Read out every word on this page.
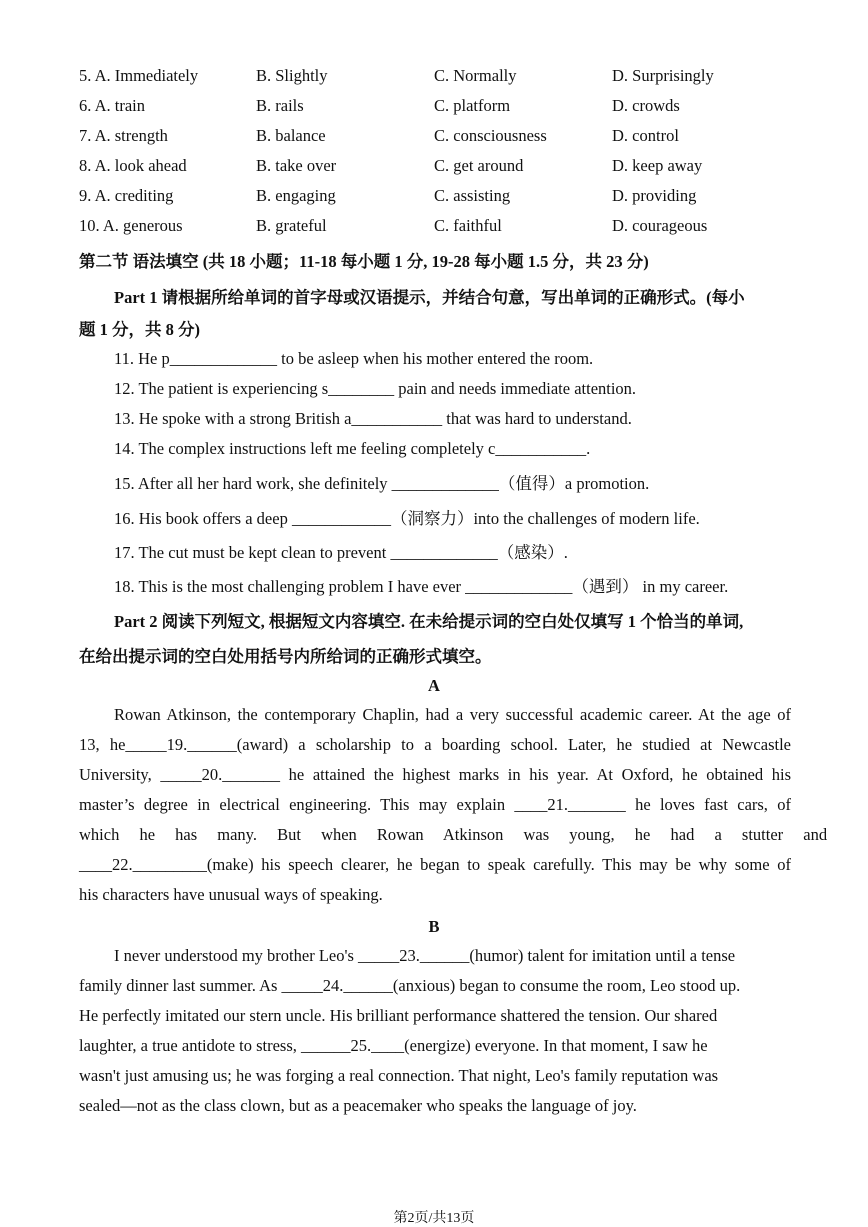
5. A. Immediately	B. Slightly	C. Normally	D. Surprisingly
6. A. train	B. rails	C. platform	D. crowds
7. A. strength	B. balance	C. consciousness	D. control
8. A. look ahead	B. take over	C. get around	D. keep away
9. A. crediting	B. engaging	C. assisting	D. providing
10. A. generous	B. grateful	C. faithful	D. courageous
第二节 语法填空 (共 18 小题；11-18 每小题 1 分, 19-28 每小题 1.5 分，共 23 分)
Part 1 请根据所给单词的首字母或汉语提示，并结合句意，写出单词的正确形式。(每小
题 1 分，共 8 分)
11. He p_____________ to be asleep when his mother entered the room.
12. The patient is experiencing s________ pain and needs immediate attention.
13. He spoke with a strong British a___________ that was hard to understand.
14. The complex instructions left me feeling completely c___________.
15. After all her hard work, she definitely _____________（值得）a promotion.
16. His book offers a deep ____________（洞察力）into the challenges of modern life.
17. The cut must be kept clean to prevent _____________（感染）.
18. This is the most challenging problem I have ever _____________（遇到） in my career.
Part 2 阅读下列短文, 根据短文内容填空. 在未给提示词的空白处仅填写 1 个恰当的单词,
在给出提示词的空白处用括号内所给词的正确形式填空。
A
Rowan Atkinson, the contemporary Chaplin, had a very successful academic career. At the age of
13, he_____19.______(award) a scholarship to a boarding school. Later, he studied at Newcastle
University, _____20._______ he attained the highest marks in his year. At Oxford, he obtained his
master’s degree in electrical engineering. This may explain ____21._______ he loves fast cars, of
which he has many. But when Rowan Atkinson was young, he had a stutter and
____22._________(make) his speech clearer, he began to speak carefully. This may be why some of
his characters have unusual ways of speaking.
B
I never understood my brother Leo's _____23.______(humor) talent for imitation until a tense
family dinner last summer. As _____24.______(anxious) began to consume the room, Leo stood up.
He perfectly imitated our stern uncle. His brilliant performance shattered the tension. Our shared
laughter, a true antidote to stress, ______25.____(energize) everyone. In that moment, I saw he
wasn't just amusing us; he was forging a real connection. That night, Leo's family reputation was
sealed—not as the class clown, but as a peacemaker who speaks the language of joy.
第2页/共13页
